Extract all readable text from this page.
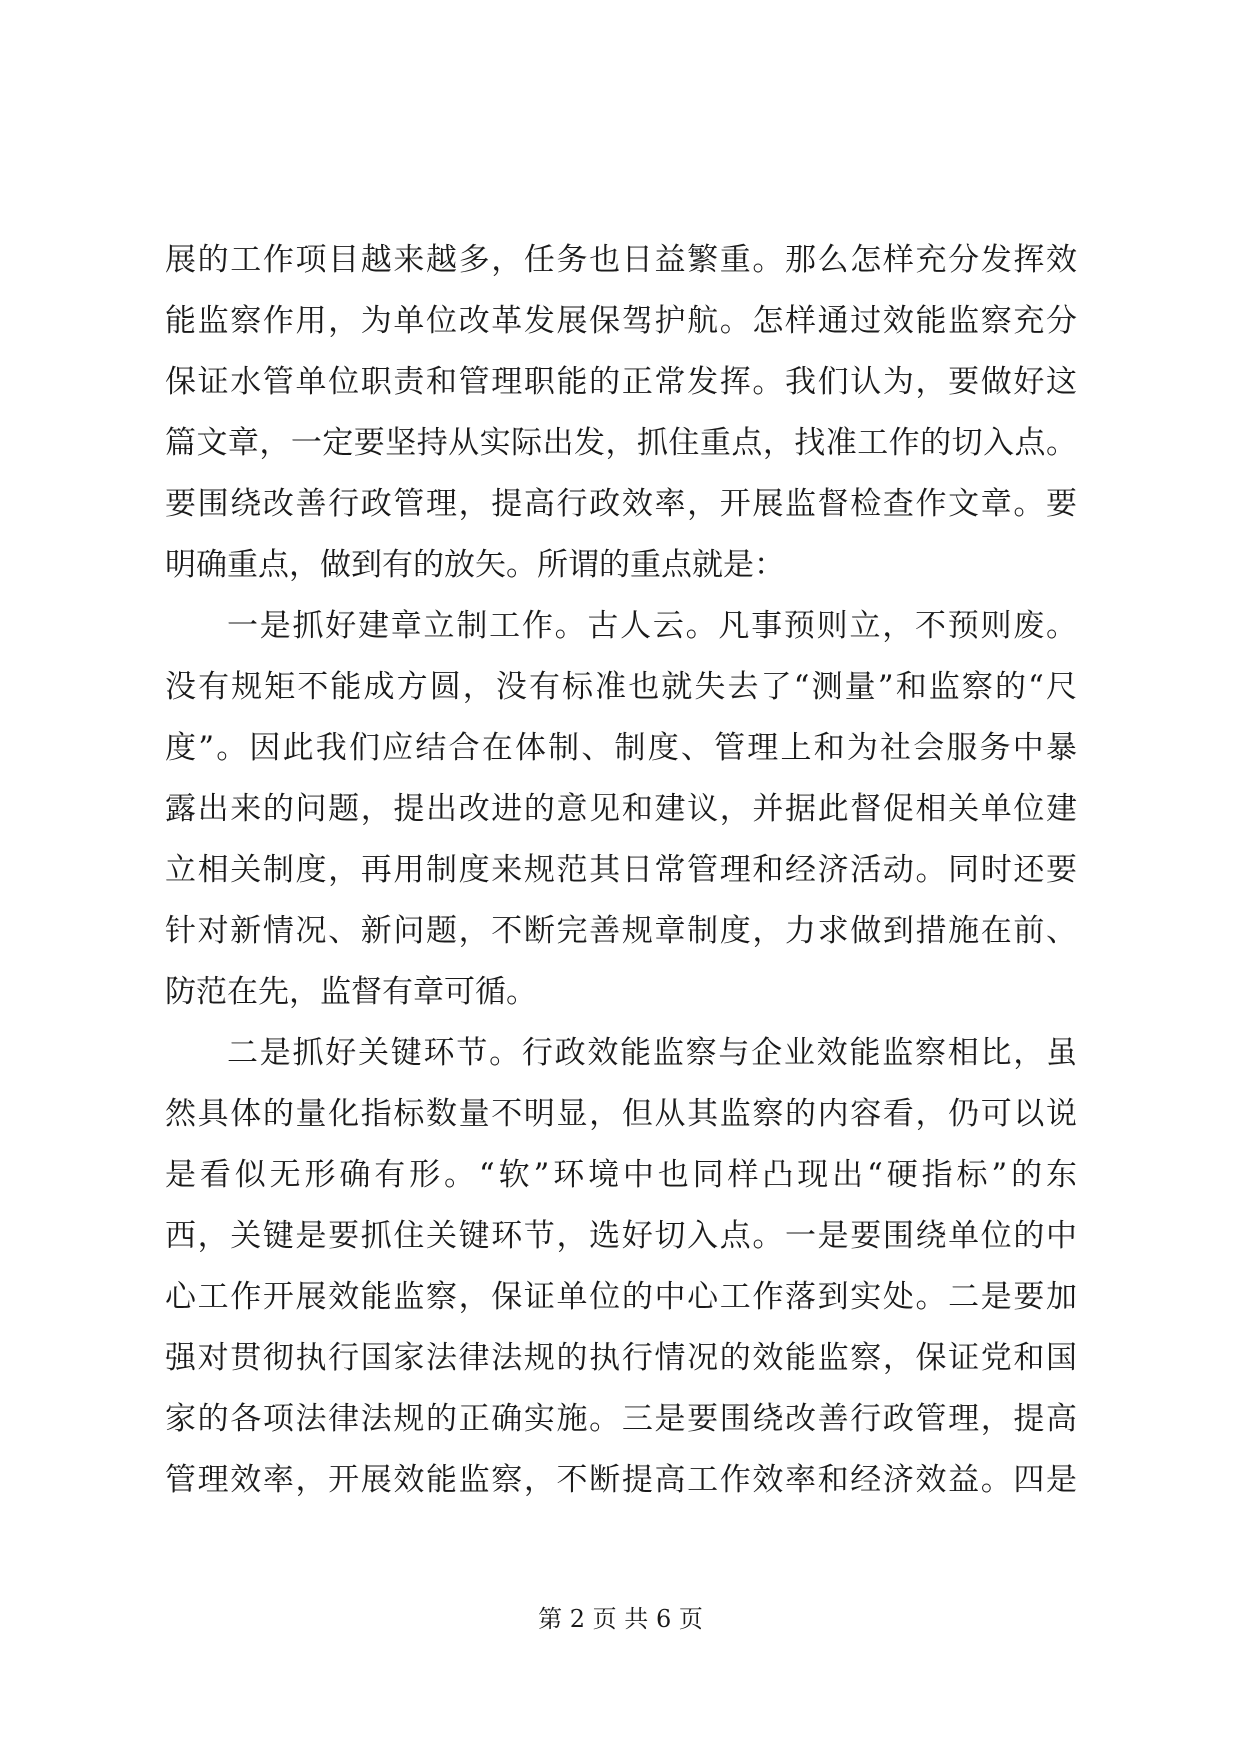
展的工作项目越来越多，任务也日益繁重。那么怎样充分发挥效
能监察作用，为单位改革发展保驾护航。怎样通过效能监察充分
保证水管单位职责和管理职能的正常发挥。我们认为，要做好这
篇文章，一定要坚持从实际出发，抓住重点，找准工作的切入点。
要围绕改善行政管理，提高行政效率，开展监督检查作文章。要
明确重点，做到有的放矢。所谓的重点就是：
一是抓好建章立制工作。古人云。凡事预则立，不预则废。
没有规矩不能成方圆，没有标准也就失去了“测量”和监察的“尺
度”。因此我们应结合在体制、制度、管理上和为社会服务中暴
露出来的问题，提出改进的意见和建议，并据此督促相关单位建
立相关制度，再用制度来规范其日常管理和经济活动。同时还要
针对新情况、新问题，不断完善规章制度，力求做到措施在前、
防范在先，监督有章可循。
二是抓好关键环节。行政效能监察与企业效能监察相比，虽
然具体的量化指标数量不明显，但从其监察的内容看，仍可以说
是看似无形确有形。“软”环境中也同样凸现出“硬指标”的东
西，关键是要抓住关键环节，选好切入点。一是要围绕单位的中
心工作开展效能监察，保证单位的中心工作落到实处。二是要加
强对贯彻执行国家法律法规的执行情况的效能监察，保证党和国
家的各项法律法规的正确实施。三是要围绕改善行政管理，提高
管理效率，开展效能监察，不断提高工作效率和经济效益。四是
第 2 页 共 6 页
